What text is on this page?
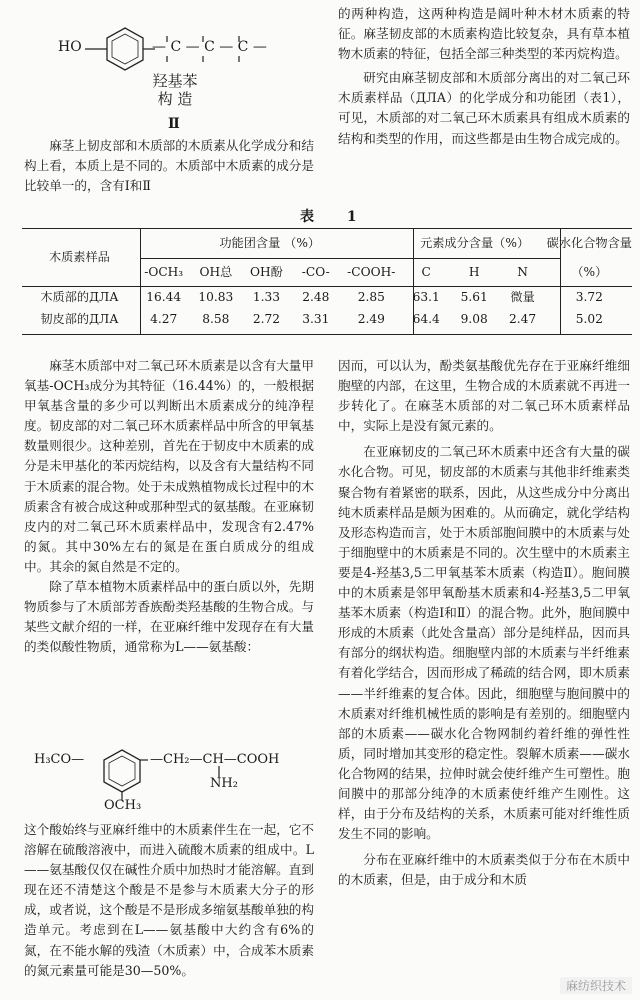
HO	— C — C — C —
羟基苯
构 造
Ⅱ

麻茎上韧皮部和木质部的木质素从化学成分和结构上看，本质上是不同的。木质部中木质素的成分是比较单一的，含有Ⅰ和Ⅱ

的两种构造，这两种构造是阔叶种木材木质素的特征。麻茎韧皮部的木质素构造比较复杂，具有草本植物木质素的特征，包括全部三种类型的苯丙烷构造。

研究由麻茎韧皮部和木质部分离出的对二氧己环木质素样品（ДЛА）的化学成分和功能团（表1），可见，木质部的对二氧己环木质素具有组成木质素的结构和类型的作用，而这些都是由生物合成完成的。

表 1
木质素样品	功能团含量 （%）					元素成分含量（%）			碳水化合物含量
	-OCH₃	OH总	OH酚	-CO-	-COOH-	C	H	N	（%）
木质部的ДЛА	16.44	10.83	1.33	2.48	2.85	63.1	5.61	微量	3.72
韧皮部的ДЛА	4.27	8.58	2.72	3.31	2.49	64.4	9.08	2.47	5.02

麻茎木质部中对二氧己环木质素是以含有大量甲氧基-OCH₃成分为其特征（16.44%）的，一般根据甲氧基含量的多少可以判断出木质素成分的纯净程度。韧皮部的对二氧己环木质素样品中所含的甲氧基数量则很少。这种差别，首先在于韧皮中木质素的成分是未甲基化的苯丙烷结构，以及含有大量结构不同于木质素的混合物。处于未成熟植物成长过程中的木质素含有被合成这种或那种型式的氨基酸。在亚麻韧皮内的对二氧己环木质素样品中，发现含有2.47%的氮。其中30%左右的氮是在蛋白质成分的组成中。其余的氮自然是不定的。

除了草本植物木质素样品中的蛋白质以外，先期物质参与了木质部芳香族酚类羟基酸的生物合成。与某些文献介绍的一样，在亚麻纤维中发现存在有大量的类似酸性物质，通常称为L——氨基酸：

H₃CO—	—CH₂—CH—COOH
NH₂
OCH₃

这个酸始终与亚麻纤维中的木质素伴生在一起，它不溶解在硫酸溶液中，而进入硫酸木质素的组成中。L——氨基酸仅仅在碱性介质中加热时才能溶解。直到现在还不清楚这个酸是不是参与木质素大分子的形成，或者说，这个酸是不是形成多缩氨基酸单独的构造单元。考虑到在L——氨基酸中大约含有6%的氮，在不能水解的残渣（木质素）中，合成苯木质素的氮元素量可能是30—50%。

因而，可以认为，酚类氨基酸优先存在于亚麻纤维细胞壁的内部，在这里，生物合成的木质素就不再进一步转化了。在麻茎木质部的对二氧己环木质素样品中，实际上是没有氮元素的。

在亚麻韧皮的二氧己环木质素中还含有大量的碳水化合物。可见，韧皮部的木质素与其他非纤维素类聚合物有着紧密的联系，因此，从这些成分中分离出纯木质素样品是颇为困难的。从而确定，就化学结构及形态构造而言，处于木质部胞间膜中的木质素与处于细胞壁中的木质素是不同的。次生壁中的木质素主要是4-羟基3,5二甲氧基苯木质素（构造Ⅱ）。胞间膜中的木质素是邻甲氧酚基木质素和4-羟基3,5二甲氧基苯木质素（构造Ⅰ和Ⅱ）的混合物。此外，胞间膜中形成的木质素（此处含量高）部分是纯样品，因而具有部分的纲状构造。细胞壁内部的木质素与半纤维素有着化学结合，因而形成了稀疏的结合网，即木质素——半纤维素的复合体。因此，细胞壁与胞间膜中的木质素对纤维机械性质的影响是有差别的。细胞壁内部的木质素——碳水化合物网制约着纤维的弹性性质，同时增加其变形的稳定性。裂解木质素——碳水化合物网的结果，拉伸时就会使纤维产生可塑性。胞间膜中的那部分纯净的木质素使纤维产生刚性。这样，由于分布及结构的关系，木质素可能对纤维性质发生不同的影响。

分布在亚麻纤维中的木质素类似于分布在木质中的木质素，但是，由于成分和木质

麻纺织技术
